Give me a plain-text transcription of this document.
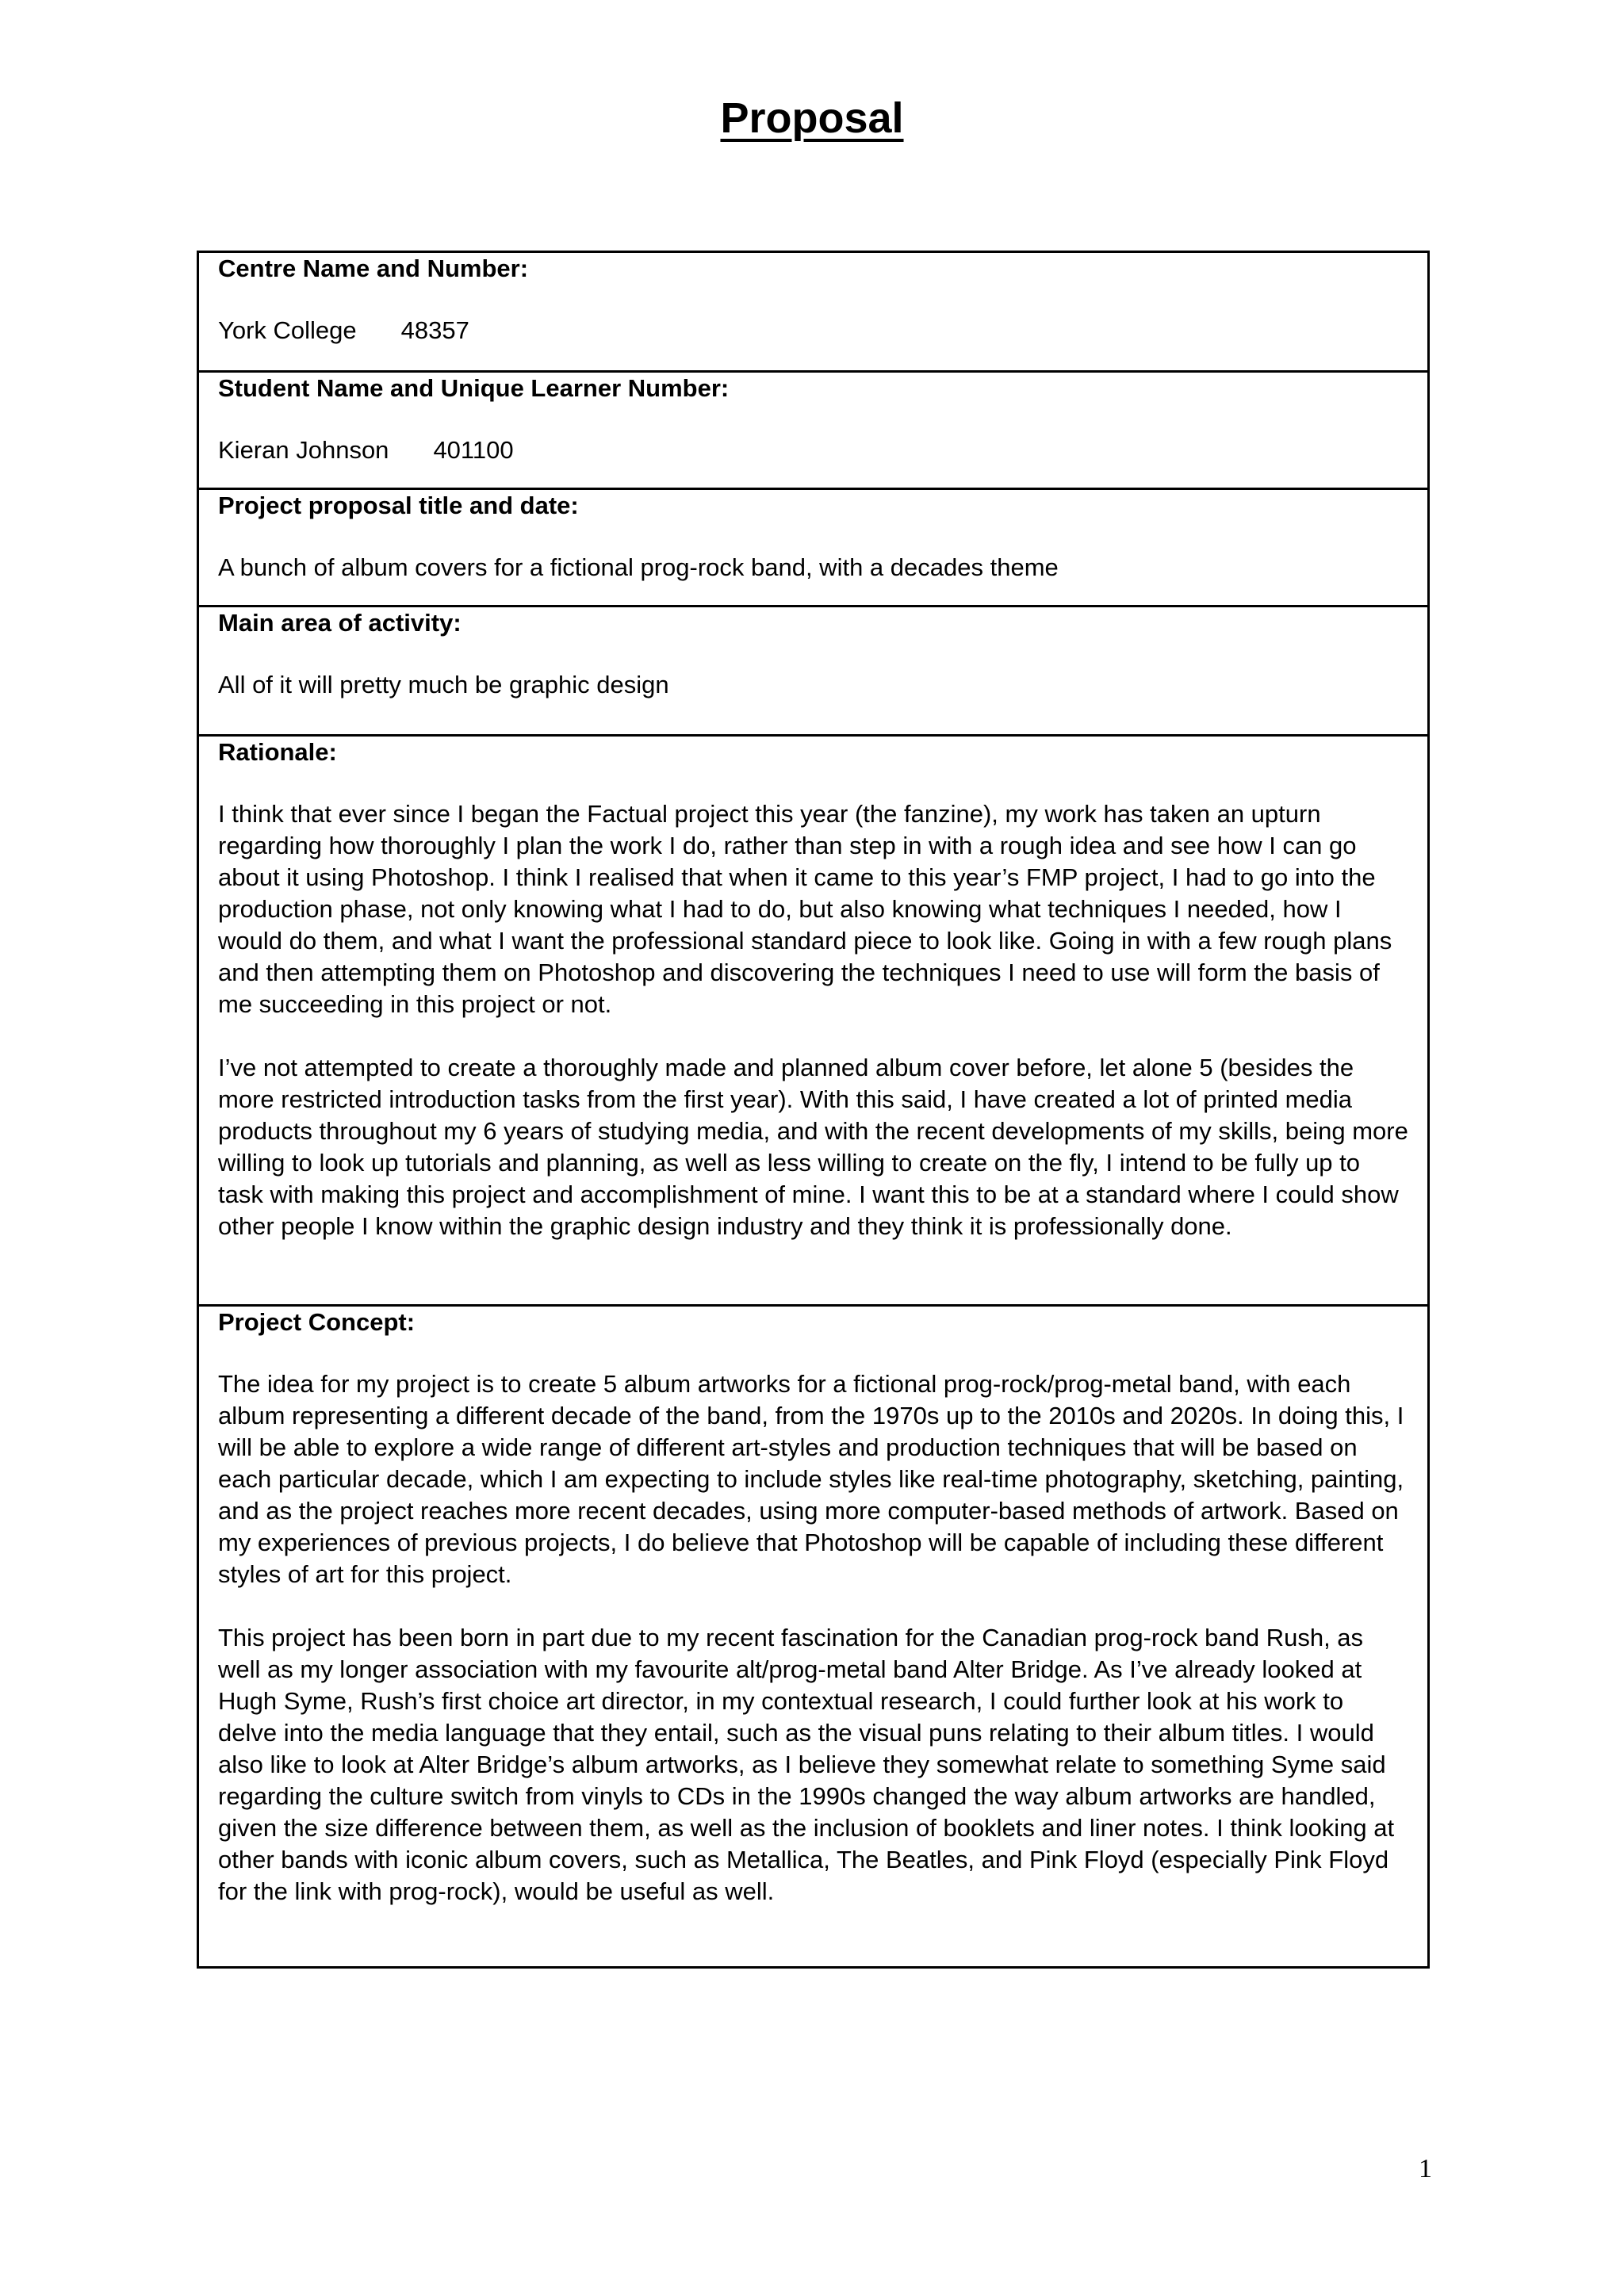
Proposal

Centre Name and Number:

York College 48357

Student Name and Unique Learner Number:

Kieran Johnson 401100

Project proposal title and date:

A bunch of album covers for a fictional prog-rock band, with a decades theme

Main area of activity:

All of it will pretty much be graphic design

Rationale:

I think that ever since I began the Factual project this year (the fanzine), my work has taken an upturn regarding how thoroughly I plan the work I do, rather than step in with a rough idea and see how I can go about it using Photoshop. I think I realised that when it came to this year’s FMP project, I had to go into the production phase, not only knowing what I had to do, but also knowing what techniques I needed, how I would do them, and what I want the professional standard piece to look like. Going in with a few rough plans and then attempting them on Photoshop and discovering the techniques I need to use will form the basis of me succeeding in this project or not.

I’ve not attempted to create a thoroughly made and planned album cover before, let alone 5 (besides the more restricted introduction tasks from the first year). With this said, I have created a lot of printed media products throughout my 6 years of studying media, and with the recent developments of my skills, being more willing to look up tutorials and planning, as well as less willing to create on the fly, I intend to be fully up to task with making this project and accomplishment of mine. I want this to be at a standard where I could show other people I know within the graphic design industry and they think it is professionally done.

Project Concept:

The idea for my project is to create 5 album artworks for a fictional prog-rock/prog-metal band, with each album representing a different decade of the band, from the 1970s up to the 2010s and 2020s. In doing this, I will be able to explore a wide range of different art-styles and production techniques that will be based on each particular decade, which I am expecting to include styles like real-time photography, sketching, painting, and as the project reaches more recent decades, using more computer-based methods of artwork. Based on my experiences of previous projects, I do believe that Photoshop will be capable of including these different styles of art for this project.

This project has been born in part due to my recent fascination for the Canadian prog-rock band Rush, as well as my longer association with my favourite alt/prog-metal band Alter Bridge. As I’ve already looked at Hugh Syme, Rush’s first choice art director, in my contextual research, I could further look at his work to delve into the media language that they entail, such as the visual puns relating to their album titles. I would also like to look at Alter Bridge’s album artworks, as I believe they somewhat relate to something Syme said regarding the culture switch from vinyls to CDs in the 1990s changed the way album artworks are handled, given the size difference between them, as well as the inclusion of booklets and liner notes. I think looking at other bands with iconic album covers, such as Metallica, The Beatles, and Pink Floyd (especially Pink Floyd for the link with prog-rock), would be useful as well.

1
